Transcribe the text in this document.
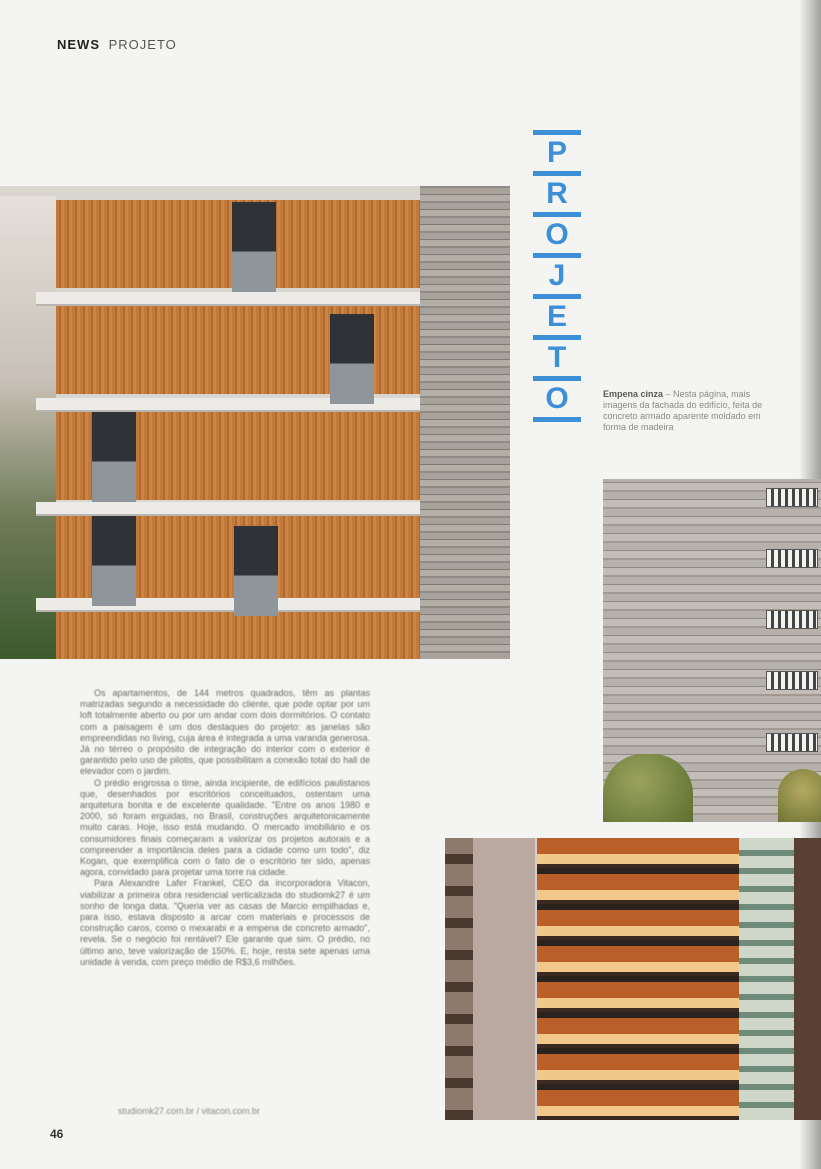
NEWS PROJETO
P
R
O
J
E
T
O	Empena cinza – Nesta página, mais imagens da fachada do edifício, feita de concreto armado aparente moldado em forma de madeira

Os apartamentos, de 144 metros quadrados, têm as plantas matrizadas segundo a necessidade do cliente, que pode optar por um loft totalmente aberto ou por um andar com dois dormitórios. O contato com a paisagem é um dos destaques do projeto: as janelas são empreendidas no living, cuja área é integrada a uma varanda generosa. Já no térreo o propósito de integração do interior com o exterior é garantido pelo uso de pilotis, que possibilitam a conexão total do hall de elevador com o jardim.

O prédio engrossa o time, ainda incipiente, de edifícios paulistanos que, desenhados por escritórios conceituados, ostentam uma arquitetura bonita e de excelente qualidade. "Entre os anos 1980 e 2000, só foram erguidas, no Brasil, construções arquitetonicamente muito caras. Hoje, isso está mudando. O mercado imobiliário e os consumidores finais começaram a valorizar os projetos autorais e a compreender a importância deles para a cidade como um todo", diz Kogan, que exemplifica com o fato de o escritório ter sido, apenas agora, convidado para projetar uma torre na cidade.

Para Alexandre Lafer Frankel, CEO da incorporadora Vitacon, viabilizar a primeira obra residencial verticalizada do studiomk27 é um sonho de longa data. "Queria ver as casas de Marcio empilhadas e, para isso, estava disposto a arcar com materiais e processos de construção caros, como o mexarabi e a empena de concreto armado", revela. Se o negócio foi rentável? Ele garante que sim. O prédio, no último ano, teve valorização de 150%. E, hoje, resta sete apenas uma unidade à venda, com preço médio de R$3,6 milhões.

studiomk27.com.br / vitacon.com.br
46
